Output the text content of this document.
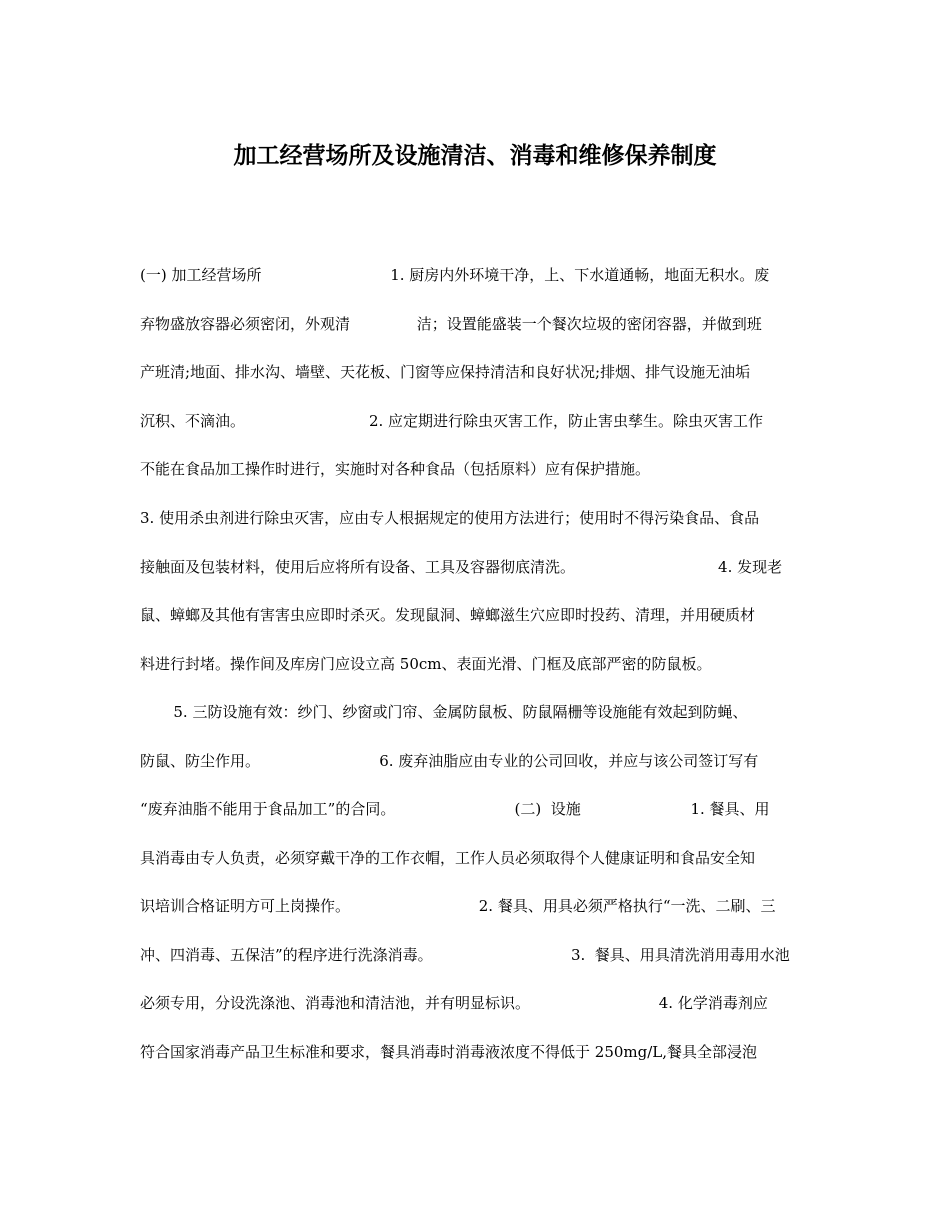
加工经营场所及设施清洁、消毒和维修保养制度
(一) 加工经营场所                           1. 厨房内外环境干净，上、下水道通畅，地面无积水。废
弃物盛放容器必须密闭，外观清              洁；设置能盛装一个餐次垃圾的密闭容器，并做到班
产班清;地面、排水沟、墙壁、天花板、门窗等应保持清洁和良好状况;排烟、排气设施无油垢
沉积、不滴油。                          2. 应定期进行除虫灭害工作，防止害虫孳生。除虫灭害工作
不能在食品加工操作时进行，实施时对各种食品（包括原料）应有保护措施。
3. 使用杀虫剂进行除虫灭害，应由专人根据规定的使用方法进行；使用时不得污染食品、食品
接触面及包装材料，使用后应将所有设备、工具及容器彻底清洗。                              4. 发现老
鼠、蟑螂及其他有害害虫应即时杀灭。发现鼠洞、蟑螂滋生穴应即时投药、清理，并用硬质材
料进行封堵。操作间及库房门应设立高 50cm、表面光滑、门框及底部严密的防鼠板。
5. 三防设施有效：纱门、纱窗或门帘、金属防鼠板、防鼠隔栅等设施能有效起到防蝇、
防鼠、防尘作用。                         6. 废弃油脂应由专业的公司回收，并应与该公司签订写有
“废弃油脂不能用于食品加工”的合同。                         (二)  设施                       1. 餐具、用
具消毒由专人负责，必须穿戴干净的工作衣帽，工作人员必须取得个人健康证明和食品安全知
识培训合格证明方可上岗操作。                           2. 餐具、用具必须严格执行“一洗、二刷、三
冲、四消毒、五保洁”的程序进行洗涤消毒。                             3.  餐具、用具清洗消用毒用水池
必须专用，分设洗涤池、消毒池和清洁池，并有明显标识。                           4. 化学消毒剂应
符合国家消毒产品卫生标准和要求，餐具消毒时消毒液浓度不得低于 250mg/L,餐具全部浸泡
